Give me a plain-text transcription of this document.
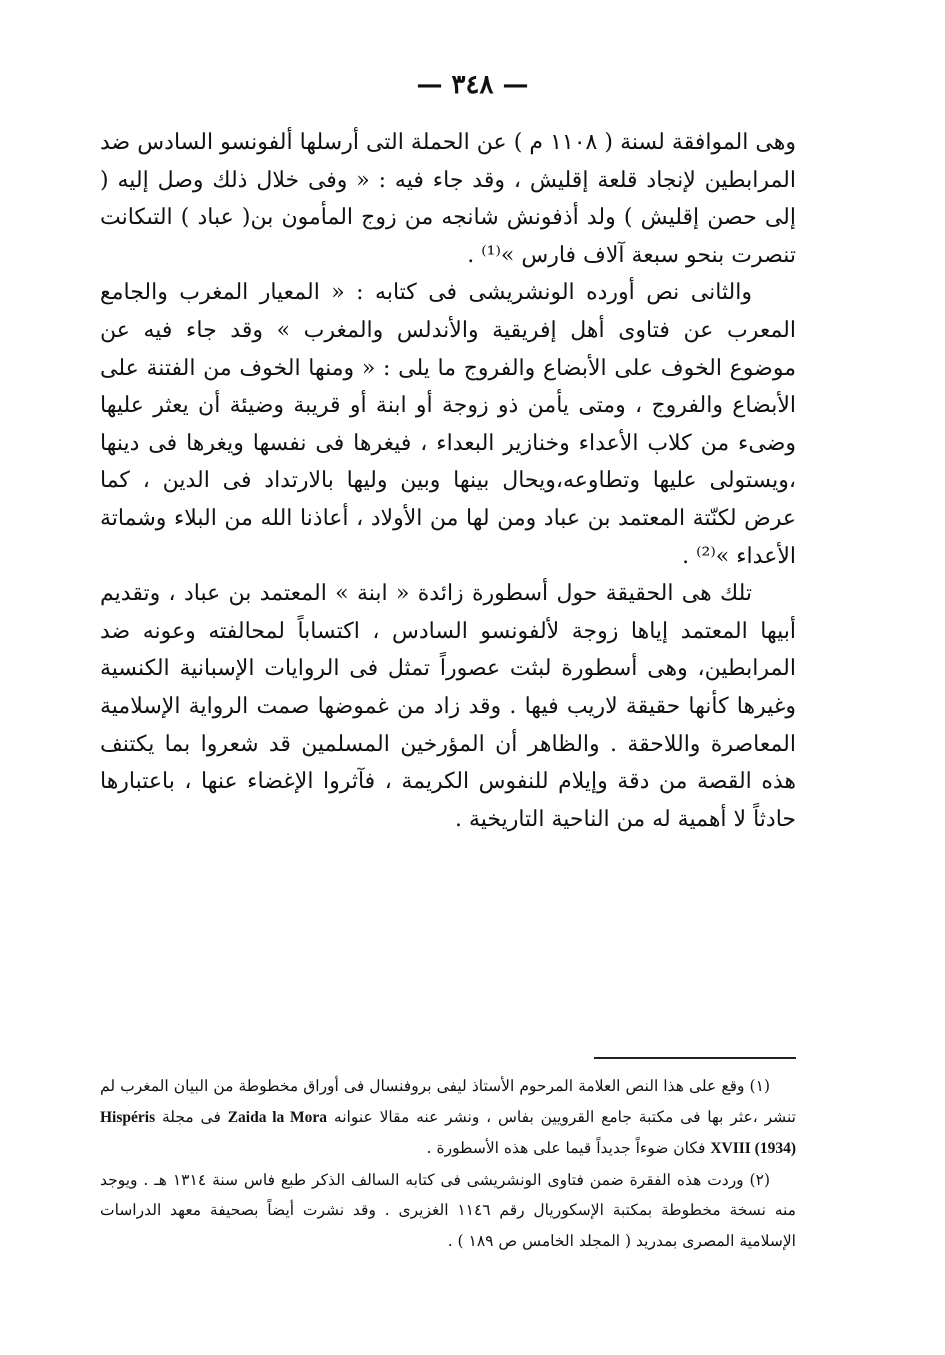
— ٣٤٨ —

وهى الموافقة لسنة ( ١١٠٨ م ) عن الحملة التى أرسلها ألفونسو السادس ضد المرابطين لإنجاد قلعة إقليش ، وقد جاء فيه : « وفى خلال ذلك وصل إليه ( إلى حصن إقليش ) ولد أذفونش شانجه من زوج المأمون بن( عباد ) التىكانت تنصرت بنحو سبعة آلاف فارس »⁽¹⁾ .

والثانى نص أورده الونشريشى فى كتابه : « المعيار المغرب والجامع المعرب عن فتاوى أهل إفريقية والأندلس والمغرب » وقد جاء فيه عن موضوع الخوف على الأبضاع والفروج ما يلى : « ومنها الخوف من الفتنة على الأبضاع والفروج ، ومتى يأمن ذو زوجة أو ابنة أو قريبة وضيئة أن يعثر عليها وضىء من كلاب الأعداء وخنازير البعداء ، فيغرها فى نفسها ويغرها فى دينها ،ويستولى عليها وتطاوعه،ويحال بينها وبين وليها بالارتداد فى الدين ، كما عرض لكنّتة المعتمد بن عباد ومن لها من الأولاد ، أعاذنا الله من البلاء وشماتة الأعداء »⁽²⁾ .

تلك هى الحقيقة حول أسطورة زائدة « ابنة » المعتمد بن عباد ، وتقديم أبيها المعتمد إياها زوجة لألفونسو السادس ، اكتساباً لمحالفته وعونه ضد المرابطين، وهى أسطورة لبثت عصوراً تمثل فى الروايات الإسبانية الكنسية وغيرها كأنها حقيقة لاريب فيها . وقد زاد من غموضها صمت الرواية الإسلامية المعاصرة واللاحقة . والظاهر أن المؤرخين المسلمين قد شعروا بما يكتنف هذه القصة من دقة وإيلام للنفوس الكريمة ، فآثروا الإغضاء عنها ، باعتبارها حادثاً لا أهمية له من الناحية التاريخية .

(١) وقع على هذا النص العلامة المرحوم الأستاذ ليفى بروفنسال فى أوراق مخطوطة من البيان المغرب لم تنشر ،عثر بها فى مكتبة جامع القرويين بفاس ، ونشر عنه مقالا عنوانه Zaida la Mora فى مجلة Hispéris XVIII (1934) فكان ضوءاً جديداً قيما على هذه الأسطورة .

(٢) وردت هذه الفقرة ضمن فتاوى الونشريشى فى كتابه السالف الذكر طبع فاس سنة ١٣١٤ هـ . ويوجد منه نسخة مخطوطة بمكتبة الإسكوريال رقم ١١٤٦ الغزيرى . وقد نشرت أيضاً بصحيفة معهد الدراسات الإسلامية المصرى بمدريد ( المجلد الخامس ص ١٨٩ ) .
